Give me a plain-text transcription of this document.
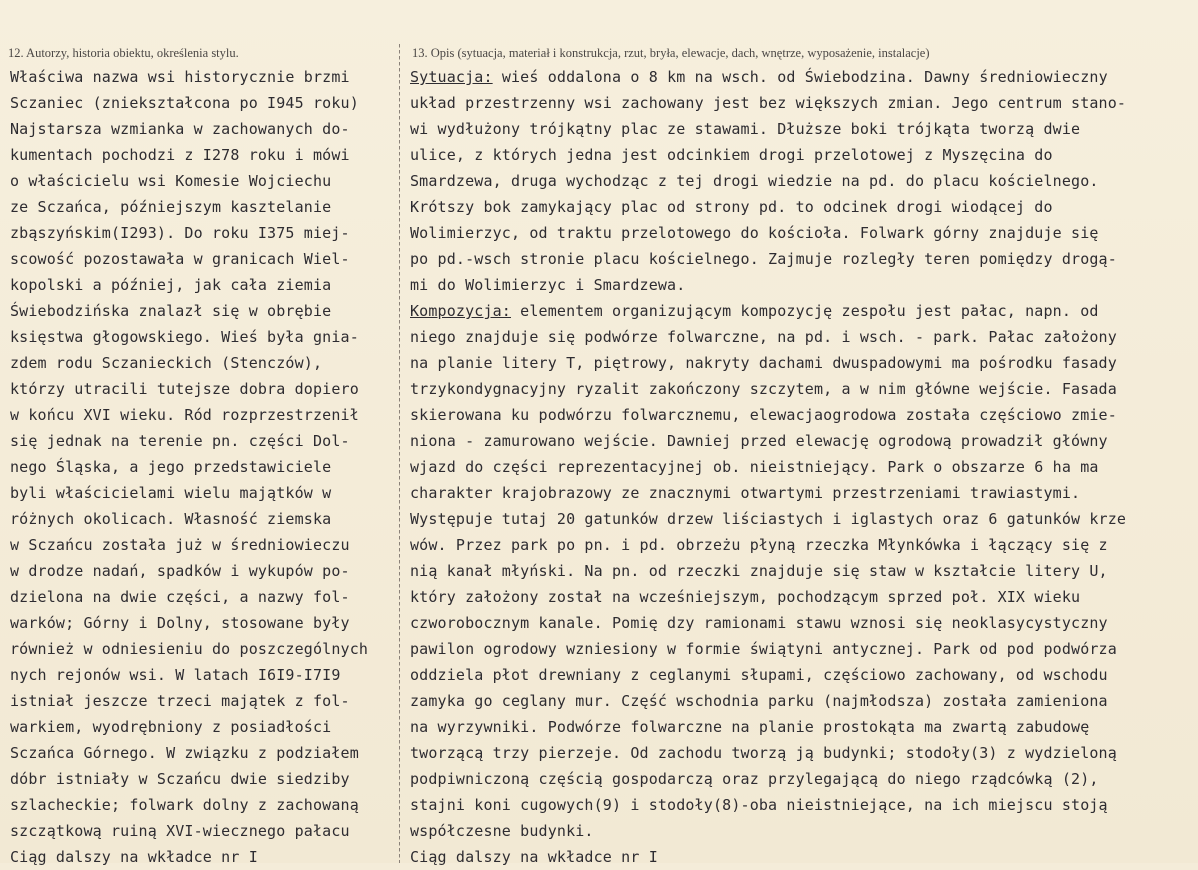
12. Autorzy, historia obiektu, określenia stylu.	13. Opis (sytuacja, materiał i konstrukcja, rzut, bryła, elewacje, dach, wnętrze, wyposażenie, instalacje)
Właściwa nazwa wsi historycznie brzmi
Sczaniec (zniekształcona po I945 roku)
Najstarsza wzmianka w zachowanych do-
kumentach pochodzi z I278 roku i mówi
o właścicielu wsi Komesie Wojciechu
ze Sczańca, późniejszym kasztelanie
zbąszyńskim(I293). Do roku I375 miej-
scowość pozostawała w granicach Wiel-
kopolski a później, jak cała ziemia
Świebodzińska znalazł się w obrębie
księstwa głogowskiego. Wieś była gnia-
zdem rodu Sczanieckich (Stenczów),
którzy utracili tutejsze dobra dopiero
w końcu XVI wieku. Ród rozprzestrzenił
się jednak na terenie pn. części Dol-
nego Śląska, a jego przedstawiciele
byli właścicielami wielu majątków w
różnych okolicach. Własność ziemska
w Sczańcu została już w średniowieczu
w drodze nadań, spadków i wykupów po-
dzielona na dwie części, a nazwy fol-
warków; Górny i Dolny, stosowane były
również w odniesieniu do poszczególnych
nych rejonów wsi. W latach I6I9-I7I9
istniał jeszcze trzeci majątek z fol-
warkiem, wyodrębniony z posiadłości
Sczańca Górnego. W związku z podziałem
dóbr istniały w Sczańcu dwie siedziby
szlacheckie; folwark dolny z zachowaną
szczątkową ruiną XVI-wiecznego pałacu
Ciąg dalszy na wkładce nr I
Sytuacja: wieś oddalona o 8 km na wsch. od Świebodzina. Dawny średniowieczny
układ przestrzenny wsi zachowany jest bez większych zmian. Jego centrum stano-
wi wydłużony trójkątny plac ze stawami. Dłuższe boki trójkąta tworzą dwie
ulice, z których jedna jest odcinkiem drogi przelotowej z Myszęcina do
Smardzewa, druga wychodząc z tej drogi wiedzie na pd. do placu kościelnego.
Krótszy bok zamykający plac od strony pd. to odcinek drogi wiodącej do
Wolimierzyc, od traktu przelotowego do kościoła. Folwark górny znajduje się
po pd.-wsch stronie placu kościelnego. Zajmuje rozległy teren pomiędzy drogą-
mi do Wolimierzyc i Smardzewa.
Kompozycja: elementem organizującym kompozycję zespołu jest pałac, napn. od
niego znajduje się podwórze folwarczne, na pd. i wsch. - park. Pałac założony
na planie litery T, piętrowy, nakryty dachami dwuspadowymi ma pośrodku fasady
trzykondygnacyjny ryzalit zakończony szczytem, a w nim główne wejście. Fasada
skierowana ku podwórzu folwarcznemu, elewacjaogrodowa została częściowo zmie-
niona - zamurowano wejście. Dawniej przed elewację ogrodową prowadził główny
wjazd do części reprezentacyjnej ob. nieistniejący. Park o obszarze 6 ha ma
charakter krajobrazowy ze znacznymi otwartymi przestrzeniami trawiastymi.
Występuje tutaj 20 gatunków drzew liściastych i iglastych oraz 6 gatunków krze
wów. Przez park po pn. i pd. obrzeżu płyną rzeczka Młynkówka i łączący się z
nią kanał młyński. Na pn. od rzeczki znajduje się staw w kształcie litery U,
który założony został na wcześniejszym, pochodzącym sprzed poł. XIX wieku
czworobocznym kanale. Pomię dzy ramionami stawu wznosi się neoklasycystyczny
pawilon ogrodowy wzniesiony w formie świątyni antycznej. Park od pod podwórza
oddziela płot drewniany z ceglanymi słupami, częściowo zachowany, od wschodu
zamyka go ceglany mur. Część wschodnia parku (najmłodsza) została zamieniona
na wyrzywniki. Podwórze folwarczne na planie prostokąta ma zwartą zabudowę
tworzącą trzy pierzeje. Od zachodu tworzą ją budynki; stodoły(3) z wydzieloną
podpiwniczoną częścią gospodarczą oraz przylegającą do niego rządcówką (2),
stajni koni cugowych(9) i stodoły(8)-oba nieistniejące, na ich miejscu stoją
współczesne budynki.
Ciąg dalszy na wkładce nr I
